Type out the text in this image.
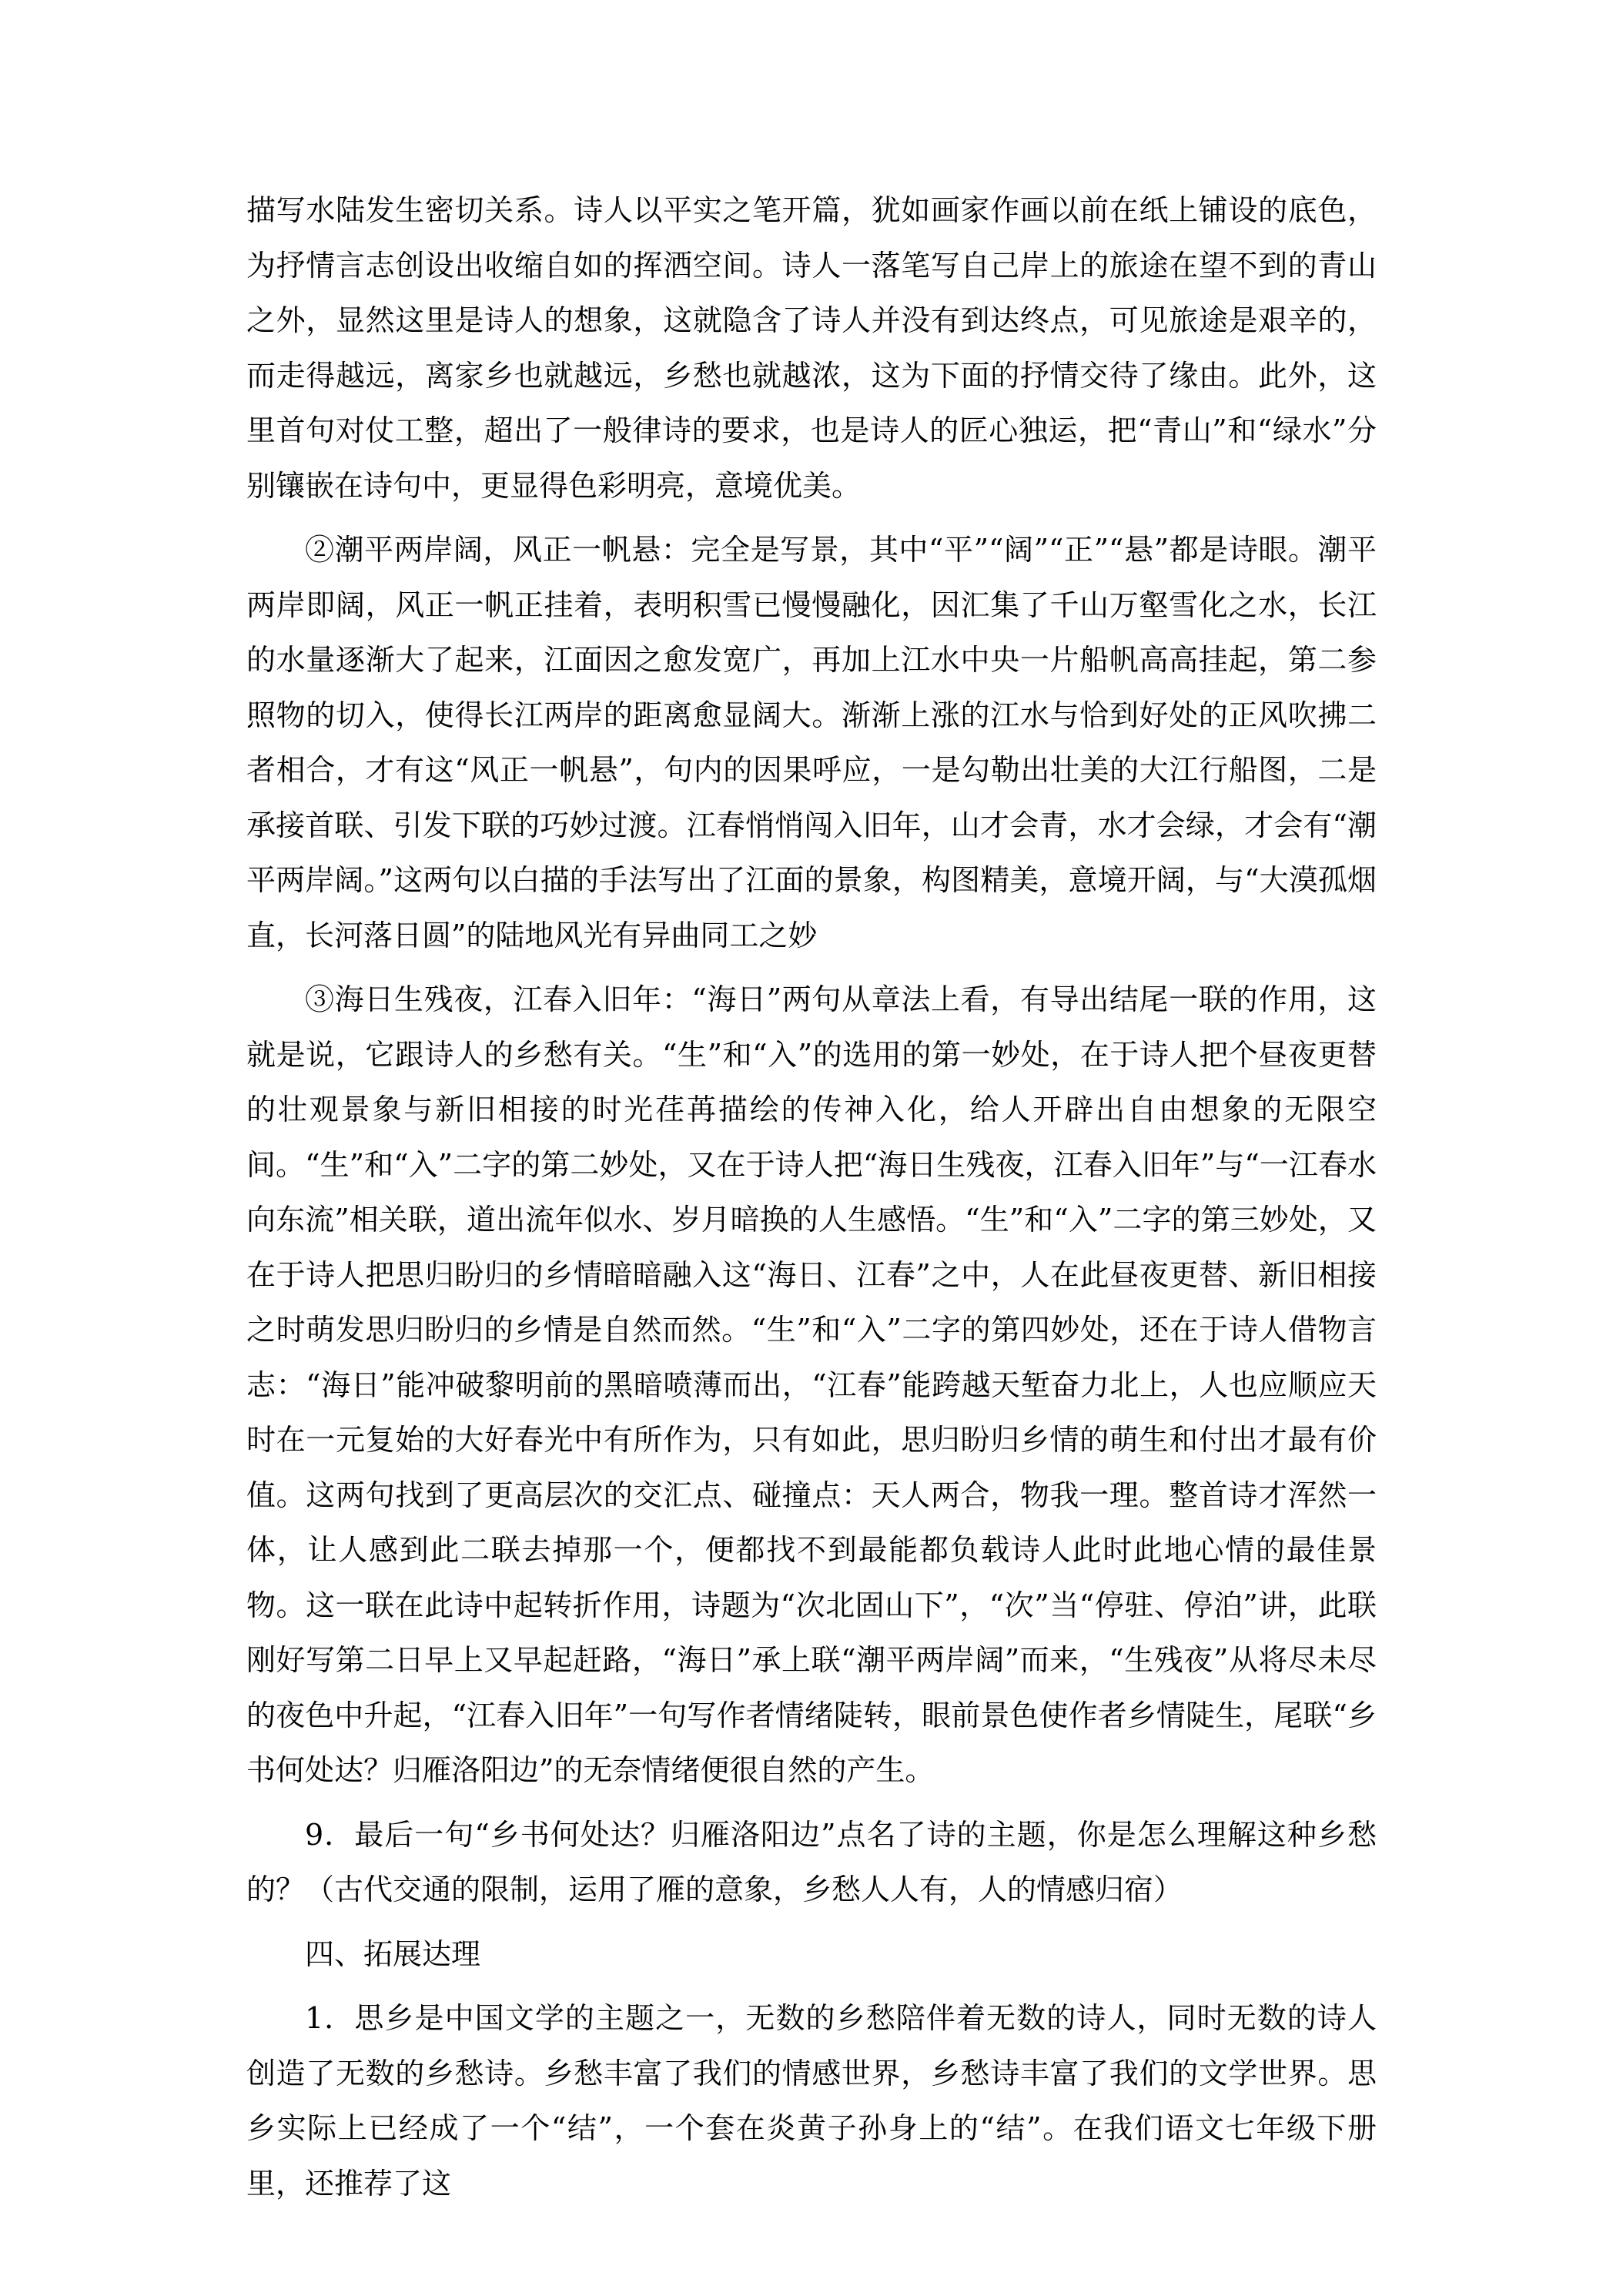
描写水陆发生密切关系。诗人以平实之笔开篇，犹如画家作画以前在纸上铺设的底色，为抒情言志创设出收缩自如的挥洒空间。诗人一落笔写自己岸上的旅途在望不到的青山之外，显然这里是诗人的想象，这就隐含了诗人并没有到达终点，可见旅途是艰辛的，而走得越远，离家乡也就越远，乡愁也就越浓，这为下面的抒情交待了缘由。此外，这里首句对仗工整，超出了一般律诗的要求，也是诗人的匠心独运，把“青山”和“绿水”分别镶嵌在诗句中，更显得色彩明亮，意境优美。

②潮平两岸阔，风正一帆悬：完全是写景，其中“平”“阔”“正”“悬”都是诗眼。潮平两岸即阔，风正一帆正挂着，表明积雪已慢慢融化，因汇集了千山万壑雪化之水，长江的水量逐渐大了起来，江面因之愈发宽广，再加上江水中央一片船帆高高挂起，第二参照物的切入，使得长江两岸的距离愈显阔大。渐渐上涨的江水与恰到好处的正风吹拂二者相合，才有这“风正一帆悬”，句内的因果呼应，一是勾勒出壮美的大江行船图，二是承接首联、引发下联的巧妙过渡。江春悄悄闯入旧年，山才会青，水才会绿，才会有“潮平两岸阔。”这两句以白描的手法写出了江面的景象，构图精美，意境开阔，与“大漠孤烟直，长河落日圆”的陆地风光有异曲同工之妙

③海日生残夜，江春入旧年：“海日”两句从章法上看，有导出结尾一联的作用，这就是说，它跟诗人的乡愁有关。“生”和“入”的选用的第一妙处，在于诗人把个昼夜更替的壮观景象与新旧相接的时光荏苒描绘的传神入化，给人开辟出自由想象的无限空间。“生”和“入”二字的第二妙处，又在于诗人把“海日生残夜，江春入旧年”与“一江春水向东流”相关联，道出流年似水、岁月暗换的人生感悟。“生”和“入”二字的第三妙处，又在于诗人把思归盼归的乡情暗暗融入这“海日、江春”之中，人在此昼夜更替、新旧相接之时萌发思归盼归的乡情是自然而然。“生”和“入”二字的第四妙处，还在于诗人借物言志：“海日”能冲破黎明前的黑暗喷薄而出，“江春”能跨越天堑奋力北上，人也应顺应天时在一元复始的大好春光中有所作为，只有如此，思归盼归乡情的萌生和付出才最有价值。这两句找到了更高层次的交汇点、碰撞点：天人两合，物我一理。整首诗才浑然一体，让人感到此二联去掉那一个，便都找不到最能都负载诗人此时此地心情的最佳景物。这一联在此诗中起转折作用，诗题为“次北固山下”，“次”当“停驻、停泊”讲，此联刚好写第二日早上又早起赶路，“海日”承上联“潮平两岸阔”而来，“生残夜”从将尽未尽的夜色中升起，“江春入旧年”一句写作者情绪陡转，眼前景色使作者乡情陡生，尾联“乡书何处达？归雁洛阳边”的无奈情绪便很自然的产生。

9．最后一句“乡书何处达？归雁洛阳边”点名了诗的主题，你是怎么理解这种乡愁的？（古代交通的限制，运用了雁的意象，乡愁人人有，人的情感归宿）

四、拓展达理

1．思乡是中国文学的主题之一，无数的乡愁陪伴着无数的诗人，同时无数的诗人创造了无数的乡愁诗。乡愁丰富了我们的情感世界，乡愁诗丰富了我们的文学世界。思乡实际上已经成了一个“结”，一个套在炎黄子孙身上的“结”。在我们语文七年级下册里，还推荐了这
